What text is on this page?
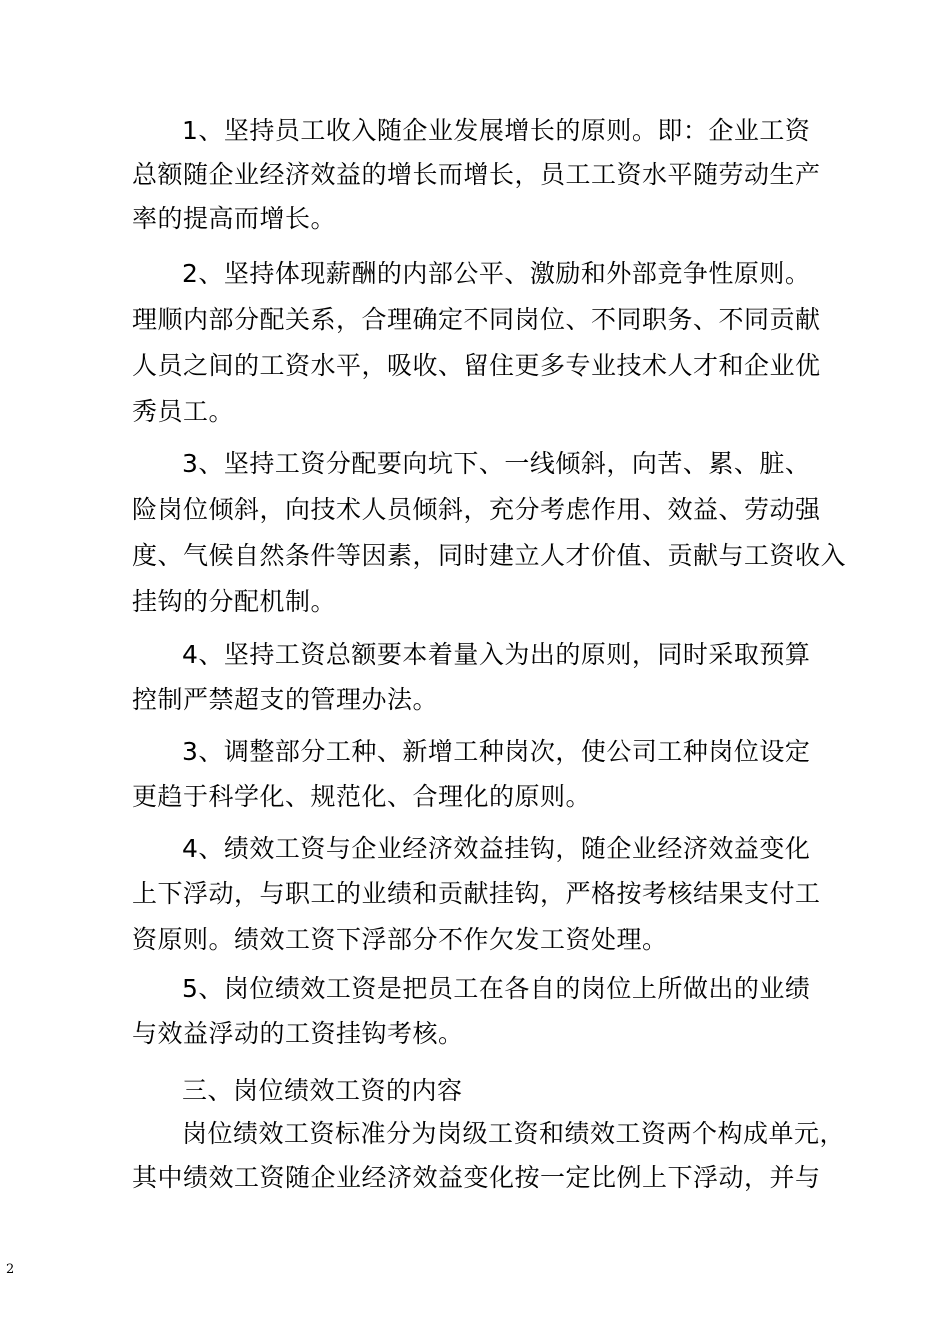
1、坚持员工收入随企业发展增长的原则。即：企业工资
总额随企业经济效益的增长而增长，员工工资水平随劳动生产
率的提高而增长。
2、坚持体现薪酬的内部公平、激励和外部竞争性原则。
理顺内部分配关系，合理确定不同岗位、不同职务、不同贡献
人员之间的工资水平，吸收、留住更多专业技术人才和企业优
秀员工。
3、坚持工资分配要向坑下、一线倾斜，向苦、累、脏、
险岗位倾斜，向技术人员倾斜，充分考虑作用、效益、劳动强
度、气候自然条件等因素，同时建立人才价值、贡献与工资收入
挂钩的分配机制。
4、坚持工资总额要本着量入为出的原则，同时采取预算
控制严禁超支的管理办法。
3、调整部分工种、新增工种岗次，使公司工种岗位设定
更趋于科学化、规范化、合理化的原则。
4、绩效工资与企业经济效益挂钩，随企业经济效益变化
上下浮动，与职工的业绩和贡献挂钩，严格按考核结果支付工
资原则。绩效工资下浮部分不作欠发工资处理。
5、岗位绩效工资是把员工在各自的岗位上所做出的业绩
与效益浮动的工资挂钩考核。
三、岗位绩效工资的内容
岗位绩效工资标准分为岗级工资和绩效工资两个构成单元，
其中绩效工资随企业经济效益变化按一定比例上下浮动，并与
2
